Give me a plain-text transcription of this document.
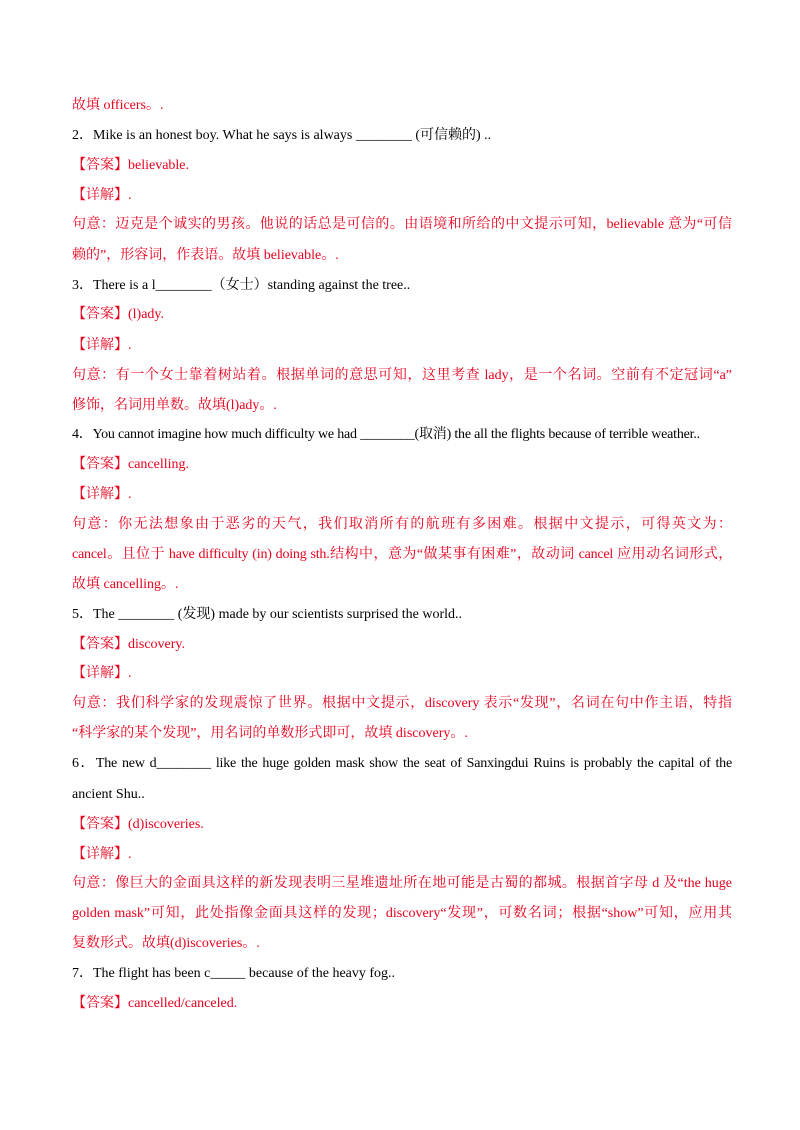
故填 officers。.
2．Mike is an honest boy. What he says is always ________ (可信赖的) ..
【答案】believable.
【详解】.
句意：迈克是个诚实的男孩。他说的话总是可信的。由语境和所给的中文提示可知，believable 意为“可信
赖的”，形容词，作表语。故填 believable。.
3．There is a l________（女士）standing against the tree..
【答案】(l)ady.
【详解】.
句意：有一个女士靠着树站着。根据单词的意思可知，这里考查 lady，是一个名词。空前有不定冠词“a”
修饰，名词用单数。故填(l)ady。.
4．You cannot imagine how much difficulty we had ________(取消) the all the flights because of terrible weather..
【答案】cancelling.
【详解】.
句意：你无法想象由于恶劣的天气，我们取消所有的航班有多困难。根据中文提示，可得英文为：
cancel。且位于 have difficulty (in) doing sth.结构中，意为“做某事有困难”，故动词 cancel 应用动名词形式，
故填 cancelling。.
5．The ________ (发现) made by our scientists surprised the world..
【答案】discovery.
【详解】.
句意：我们科学家的发现震惊了世界。根据中文提示，discovery 表示“发现”，名词在句中作主语，特指
“科学家的某个发现”，用名词的单数形式即可，故填 discovery。.
6．The new d________ like the huge golden mask show the seat of Sanxingdui Ruins is probably the capital of the
ancient Shu..
【答案】(d)iscoveries.
【详解】.
句意：像巨大的金面具这样的新发现表明三星堆遗址所在地可能是古蜀的都城。根据首字母 d 及“the huge
golden mask”可知，此处指像金面具这样的发现；discovery“发现”，可数名词；根据“show”可知，应用其
复数形式。故填(d)iscoveries。.
7．The flight has been c_____ because of the heavy fog..
【答案】cancelled/canceled.
